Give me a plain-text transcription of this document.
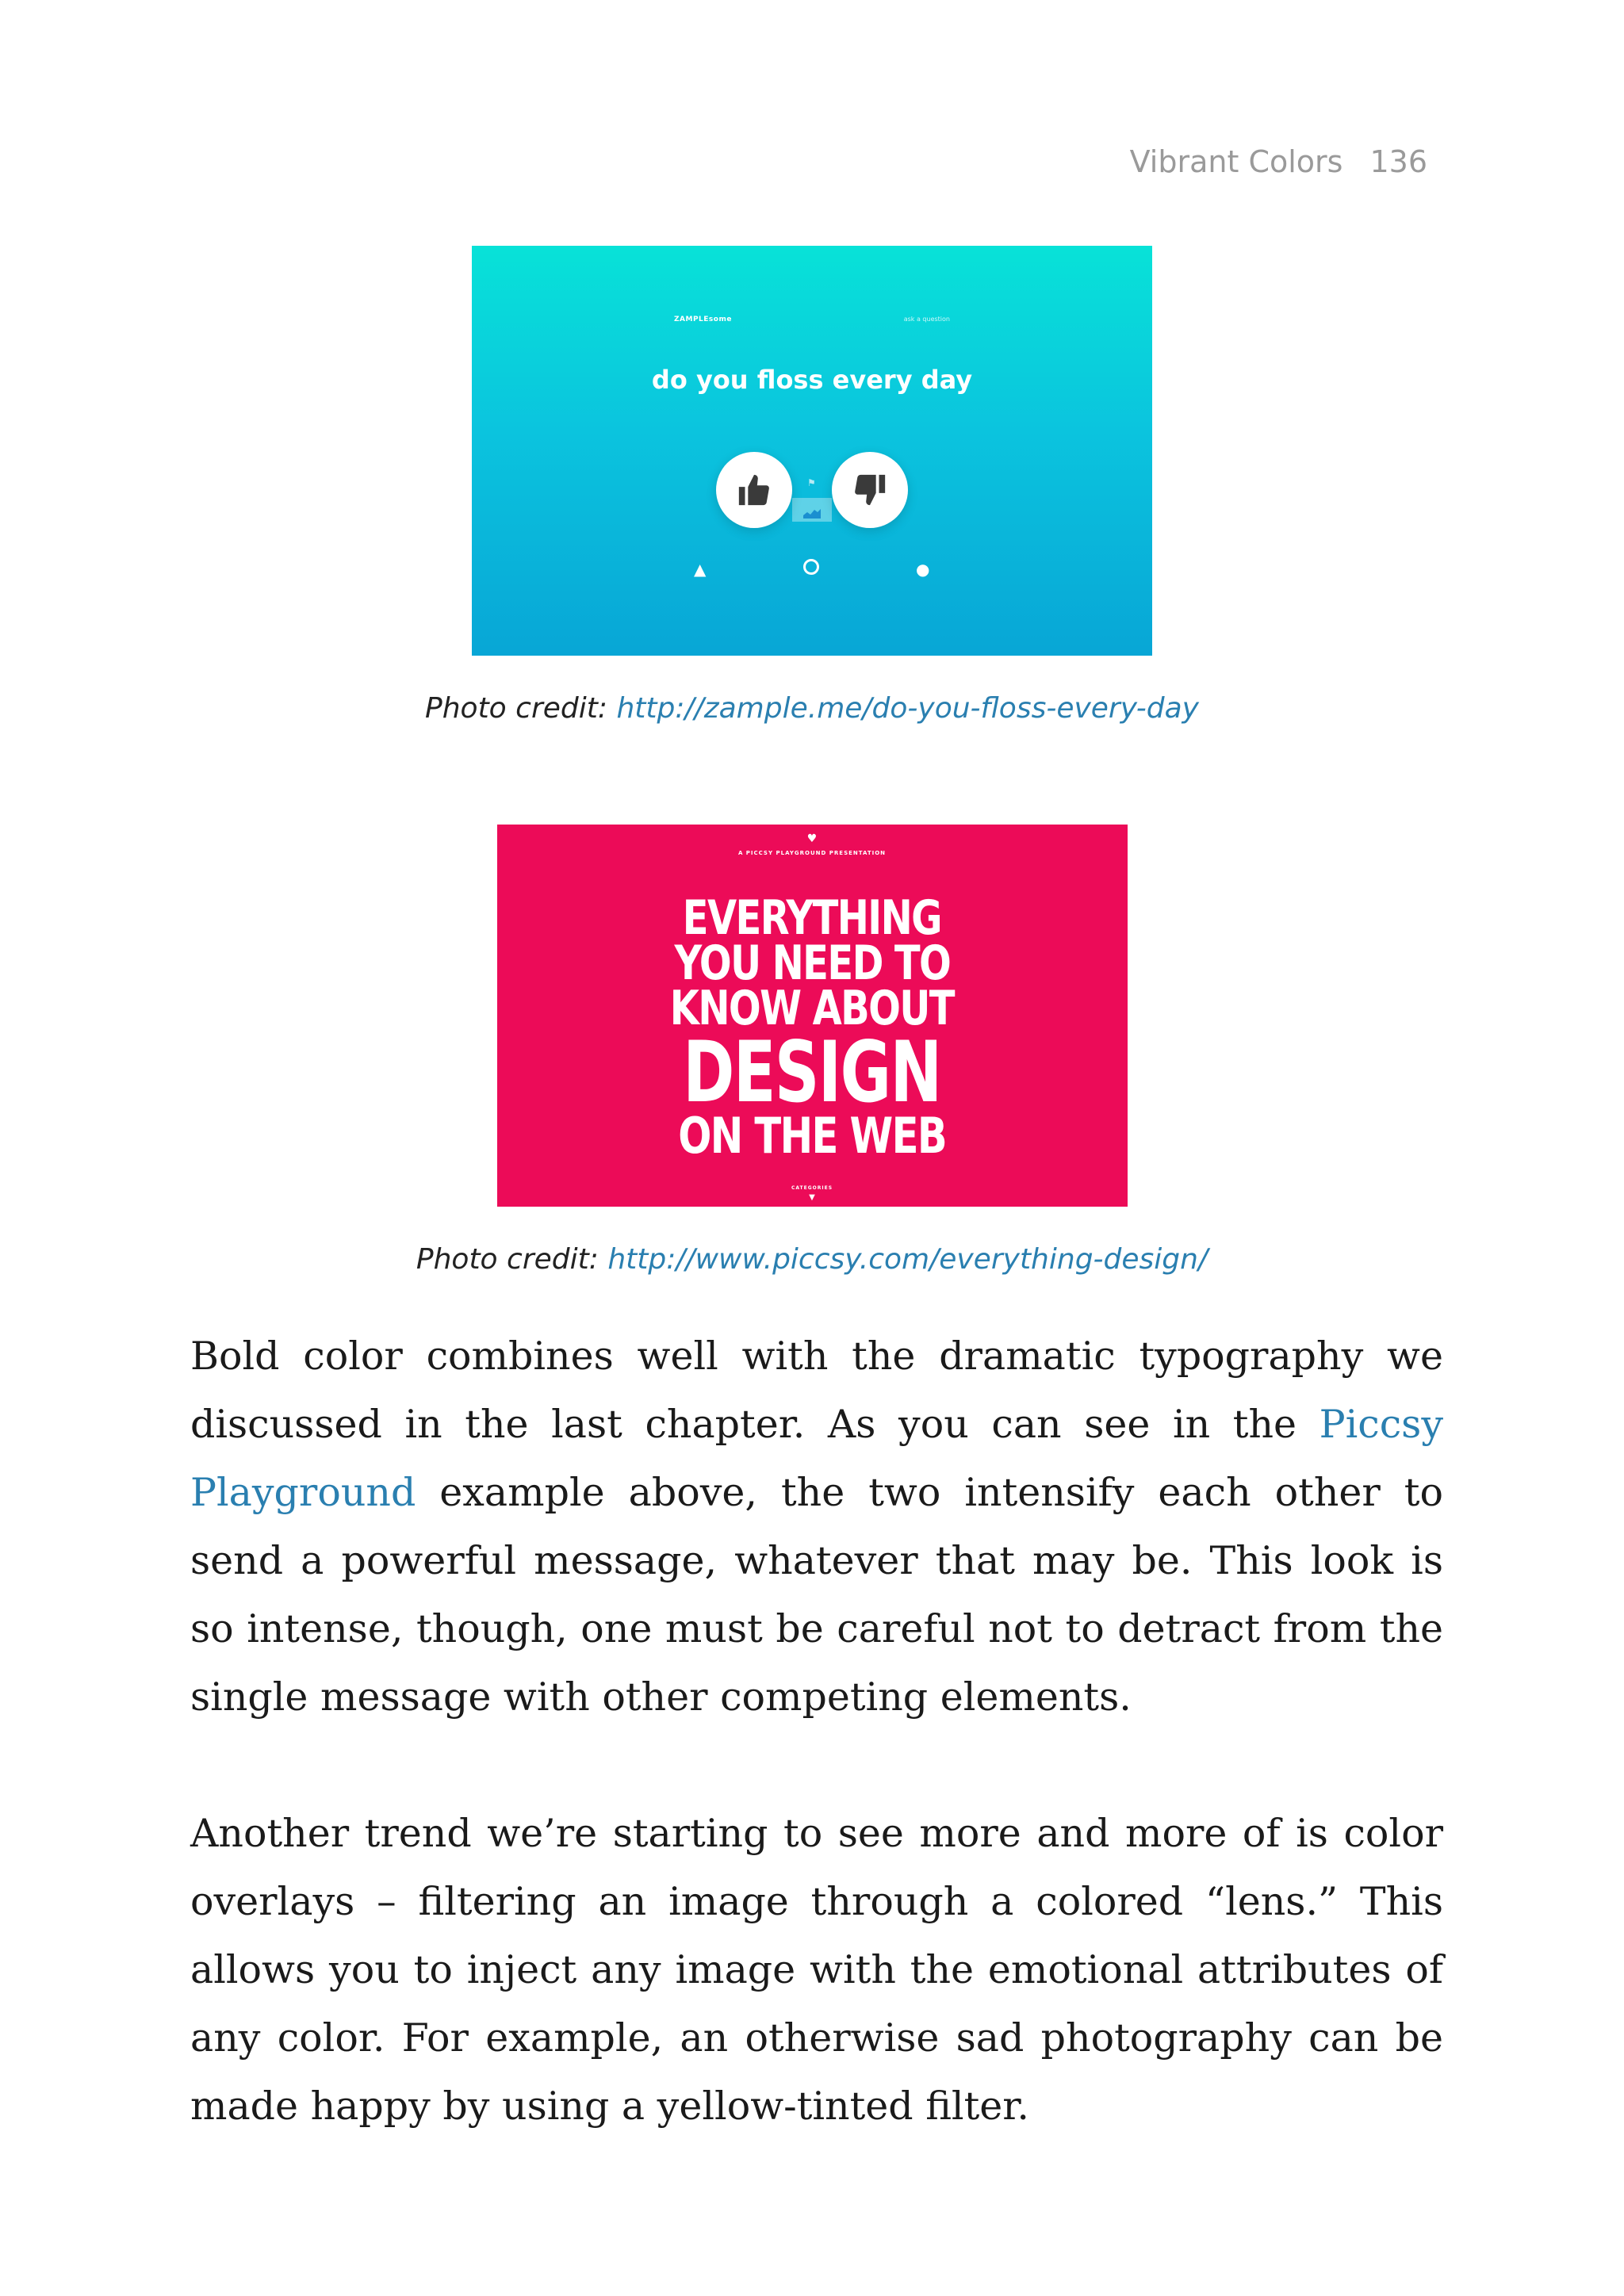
Vibrant Colors 136
ZAMPLEsome	ask a question
do you floss every day
⚑
▲	●
Photo credit: http://zample.me/do-you-floss-every-day
♥
A PICCSY PLAYGROUND PRESENTATION
EVERYTHING
YOU NEED TO
KNOW ABOUT
DESIGN
ON THE WEB
CATEGORIES
▼
Photo credit: http://www.piccsy.com/everything-design/

Bold color combines well with the dramatic typography we discussed in the last chapter. As you can see in the Piccsy Playground example above, the two intensify each other to send a powerful message, whatever that may be. This look is so intense, though, one must be careful not to detract from the single message with other competing elements.

Another trend we’re starting to see more and more of is color overlays – filtering an image through a colored “lens.” This allows you to inject any image with the emotional attributes of any color. For example, an otherwise sad photography can be made happy by using a yellow-tinted filter.
